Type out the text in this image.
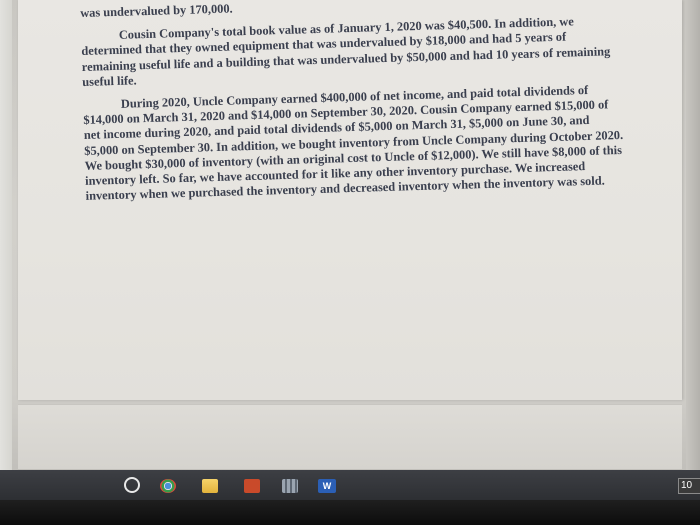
was undervalued by 170,000.

Cousin Company's total book value as of January 1, 2020 was $40,500. In addition, we determined that they owned equipment that was undervalued by $18,000 and had 5 years of remaining useful life and a building that was undervalued by $50,000 and had 10 years of remaining useful life.

During 2020, Uncle Company earned $400,000 of net income, and paid total dividends of $14,000 on March 31, 2020 and $14,000 on September 30, 2020. Cousin Company earned $15,000 of net income during 2020, and paid total dividends of $5,000 on March 31, $5,000 on June 30, and $5,000 on September 30. In addition, we bought inventory from Uncle Company during October 2020. We bought $30,000 of inventory (with an original cost to Uncle of $12,000). We still have $8,000 of this inventory left. So far, we have accounted for it like any other inventory purchase. We increased inventory when we purchased the inventory and decreased inventory when the inventory was sold.

W	10
